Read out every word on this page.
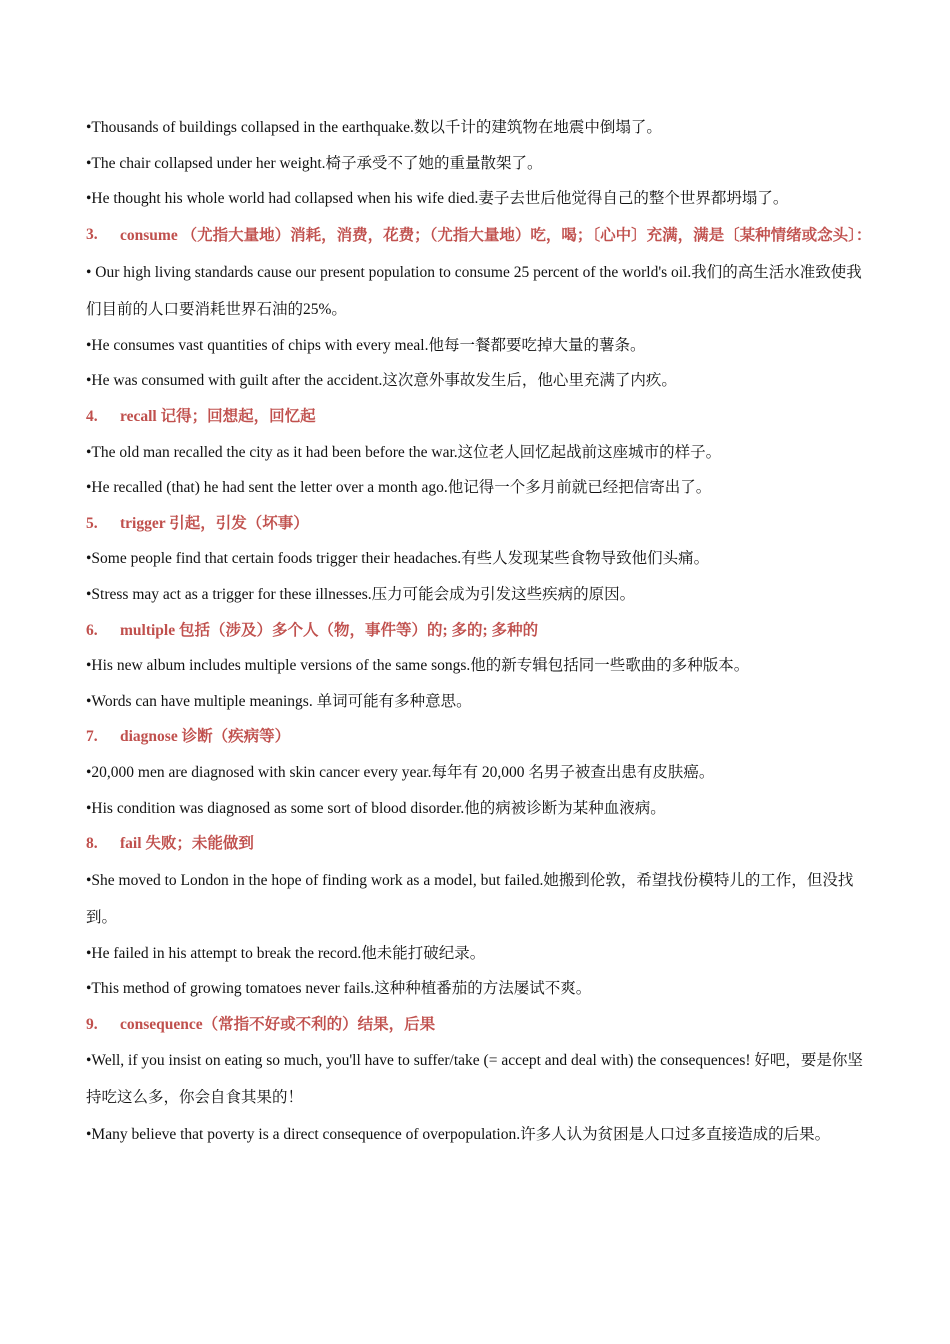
•Thousands of buildings collapsed in the earthquake.数以千计的建筑物在地震中倒塌了。
•The chair collapsed under her weight.椅子承受不了她的重量散架了。
•He thought his whole world had collapsed when his wife died.妻子去世后他觉得自己的整个世界都坍塌了。
3.	consume （尤指大量地）消耗，消费，花费；（尤指大量地）吃，喝；〔心中〕充满，满是〔某种情绪或念头〕：
• Our high living standards cause our present population to consume 25 percent of the world's oil.我们的高生活水准致使我们目前的人口要消耗世界石油的25%。
•He consumes vast quantities of chips with every meal.他每一餐都要吃掉大量的薯条。
•He was consumed with guilt after the accident.这次意外事故发生后，他心里充满了内疚。
4.	recall 记得；回想起，回忆起
•The old man recalled the city as it had been before the war.这位老人回忆起战前这座城市的样子。
•He recalled (that) he had sent the letter over a month ago.他记得一个多月前就已经把信寄出了。
5.	trigger 引起，引发（坏事）
•Some people find that certain foods trigger their headaches.有些人发现某些食物导致他们头痛。
•Stress may act as a trigger for these illnesses.压力可能会成为引发这些疾病的原因。
6.	multiple 包括（涉及）多个人（物，事件等）的; 多的; 多种的
•His new album includes multiple versions of the same songs.他的新专辑包括同一些歌曲的多种版本。
•Words can have multiple meanings. 单词可能有多种意思。
7.	diagnose 诊断（疾病等）
•20,000 men are diagnosed with skin cancer every year.每年有 20,000 名男子被查出患有皮肤癌。
•His condition was diagnosed as some sort of blood disorder.他的病被诊断为某种血液病。
8.	fail 失败；未能做到
•She moved to London in the hope of finding work as a model, but failed.她搬到伦敦，希望找份模特儿的工作，但没找到。
•He failed in his attempt to break the record.他未能打破纪录。
•This method of growing tomatoes never fails.这种种植番茄的方法屡试不爽。
9.	consequence（常指不好或不利的）结果，后果
•Well, if you insist on eating so much, you'll have to suffer/take (= accept and deal with) the consequences! 好吧，要是你坚持吃这么多，你会自食其果的！
•Many believe that poverty is a direct consequence of overpopulation.许多人认为贫困是人口过多直接造成的后果。
